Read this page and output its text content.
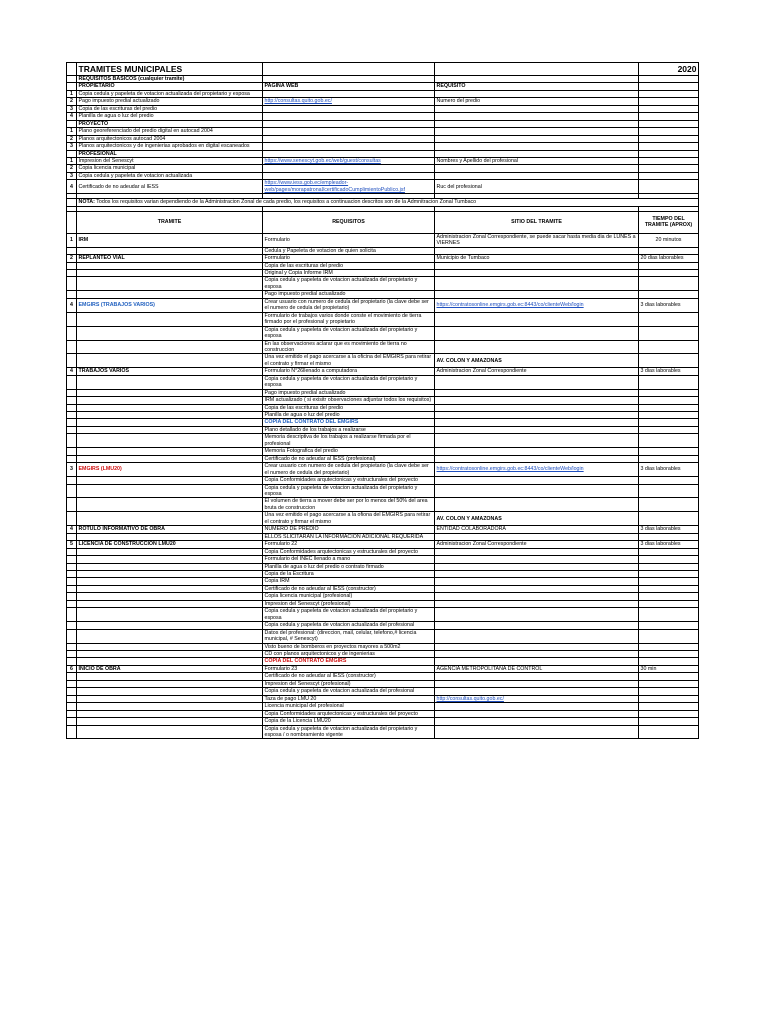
	TRAMITES MUNICIPALES			2020
	REQUISITOS BASICOS (cualquier tramite)			
	PROPIETARIO	PAGINA WEB	REQUISITO	
1	Copia cedula y papeleta de votacion actualizada del propietario y esposa			
2	Pago impuesto predial actualizado	http://consultas.quito.gob.ec/	Numero del predio	
3	Copia de las escrituras del predio			
4	Planilla de agua o luz del predio			
	PROYECTO			
1	Plano georeferenciado del predio digital en autocad 2004			
2	Planos arquitectonicos autocad 2004			
3	Planos arquitectonicos y de ingenierias aprobados en digital escaneados			
	PROFESIONAL			
1	Impresion del Senescyt	https://www.senescyt.gob.ec/web/guest/consultas	Nombres y Apellido del profesional	
2	Copia licencia municipal			
3	Copia cedula y papeleta de votacion actualizada			
4	Certificado de no adeudar al IESS	https://www.iess.gob.ec/empleador-web/pages/morapatronal/certificadoCumplimientoPublico.jsf	Ruc del profesional	

	NOTA: Todos los requisitos varian dependiendo de la Administracion Zonal de cada predio, los requisitos a continuacion descritos son de la Admnitracion Zonal Tumbaco			

	TRAMITE	REQUISITOS	SITIO DEL TRAMITE	TIEMPO DEL TRAMITE (APROX)
1	IRM	Formulario	Administracion Zonal Correspondiente, se puede sacar hasta media dia de LUNES a VIERNES	20 minutos
		Cedula y Papeleta de votacion de quien solicita		
2	REPLANTEO VIAL	Formulario	Municipio de Tumbaco	20 dias laborables
		Copia de las escrituras del predio		
		Original y Copia Informe IRM		
		Copia cedula y papeleta de votacion actualizada del propietario y esposa		
		Pago impuesto predial actualizado		
4	EMGIRS (TRABAJOS VARIOS)	Crear usuario con numero de cedula del propietario (la clave debe ser el numero de cedula del propietario)	https://contratosonline.emgirs.gob.ec:8443/co/clienteWeb/login	3 dias laborables
		Formulario de trabajos varios donde conste el movimiento de tierra firmado por el profesional y propietario		
		Copia cedula y papeleta de votacion actualizada del propietario y esposa		
		En las observaciones aclarar que es movimiento de tierra no construccion		
		Una vez emitido el pago acercarse a la oficina del EMGIRS para retirar el contrato y firmar el mismo	AV. COLON Y AMAZONAS	
4	TRABAJOS VARIOS	Formulario N°26llenado a computadora	Administracion Zonal Correspondiente	3 dias laborables
		Copia cedula y papeleta de votacion actualizada del propietario y esposa		
		Pago impuesto predial actualizado		
		IRM actualizado ( si exisitr observaciones adjuntar todos los requisitos)		
		Copia de las escrituras del predio		
		Planilla de agua o luz del predio		
		COPIA DEL CONTRATO DEL EMGIRS		
		Plano detallado de los trabajos a realizarse		
		Memoria descriptiva de los trabajos a realizarse firmada por el profesional		
		Memoria Fotografica del predio		
		Certificado de no adeudar al IESS (profesional)		
3	EMGIRS (LMU20)	Crear usuario con numero de cedula del propietario (la clave debe ser el numero de cedula del propietario)	https://contratosonline.emgirs.gob.ec:8443/co/clienteWeb/login	3 dias laborables
		Copia Conformidades arqutectonicas y estructurales del proyecto		
		Copia cedula y papeleta de votacion actualizada del propietario y esposa		
		El volumen de tierra a mover debe ser por lo menos del 50% del area bruta de construccion		
		Una vez emitido el pago acercarse a la ofiona del EMGIRS para retirar el contrato y firmar el mismo	AV. COLON Y AMAZONAS	
4	ROTULO INFORMATIVO DE OBRA	NUMERO DE PREDIO	ENTIDAD COLABORADORA	3 dias laborables
		ELLOS SLICITARAN LA INFORMACION ADICIONAL REQUERIDA		
5	LICENCIA DE CONSTRUCCION LMU20	Formulario 22	Administracion Zonal Correspondiente	3 dias laborables
		Copia Conformidades arqutectonicas y estructurales del proyecto		
		Formulario del INEC llenado a mano		
		Planilla de agua o luz del predio o contrato firmado		
		Copia de la Escritura		
		Copia IRM		
		Certificado de no adeudar al IESS (constructor)		
		Copia licencia municipal (profesional)		
		Impresion del Senescyt (profesional)		
		Copia cedula y papeleta de votacion actualizada del propietario y esposa		
		Copia cedula y papeleta de votacion actualizada del profesional		
		Datos del profesional: (direccion, mail, celular, telefono,# licencia municipal, # Senescyt)		
		Visto bueno de bomberos en proyectos mayores a 500m2		
		CD con planos arquitectonicos y de ingenierias		
		COPIA DEL CONTRATO EMGIRS		
6	INICIO DE OBRA	Formulario 23	AGENCIA METROPOLITANA DE CONTROL	30 min
		Certificado de no adeudar al IESS (constructor)		
		Impresion del Senescyt (profesional)		
		Copia cedula y papeleta de votacion actualizada del profesional		
		Taza de pago LMU 20	http://consultas.quito.gob.ec/	
		Licencia municipal del profesional		
		Copia Conformidades arqutectonicas y estructurales del proyecto		
		Copia de la Licencia LMU20		
		Copia cedula y papeleta de votacion actualizada del propietario y esposa / o nombramiento vigente		
